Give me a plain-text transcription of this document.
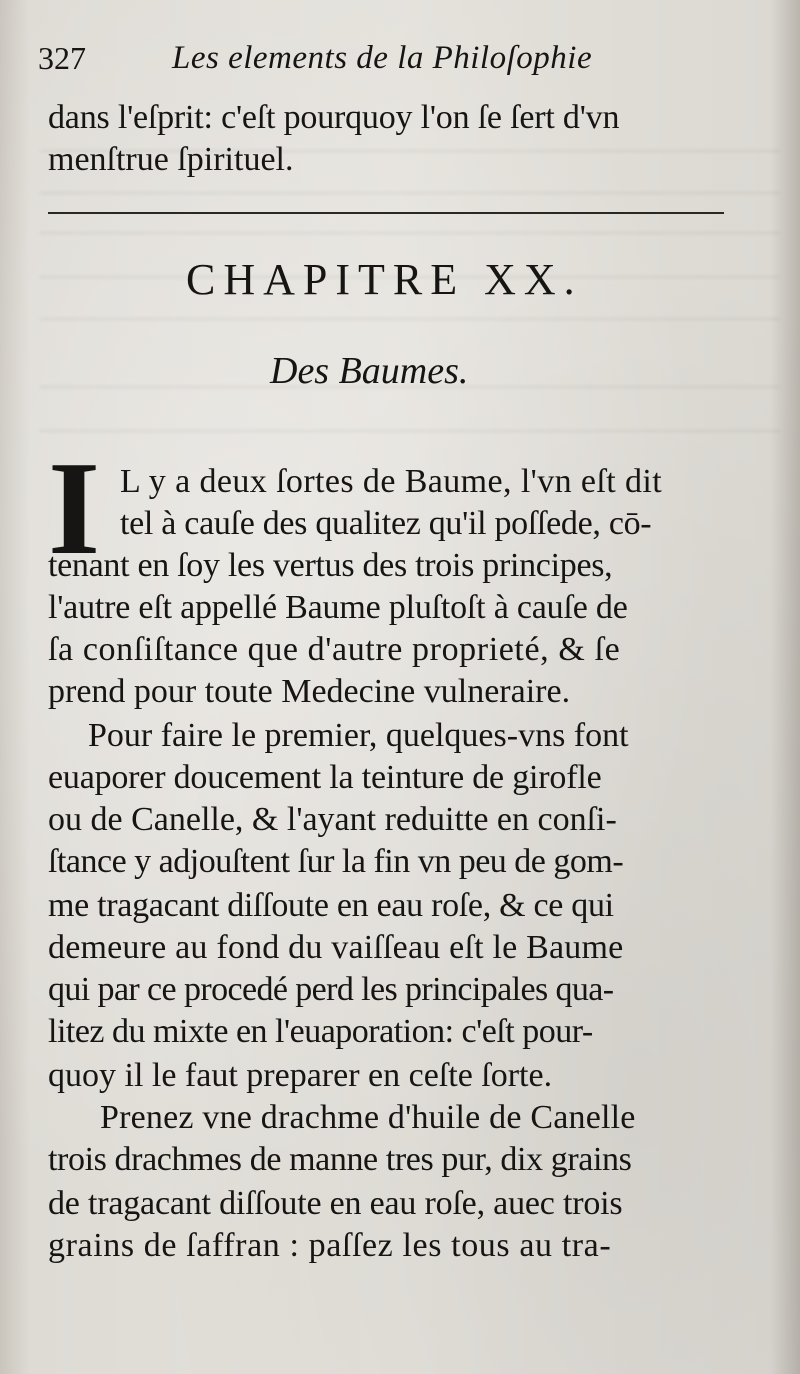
327	Les elements de la Philoſophie
dans l'eſprit: c'eſt pourquoy l'on ſe ſert d'vn
menſtrue ſpirituel.
CHAPITRE XX.
Des Baumes.
I L y a deux ſortes de Baume, l'vn eſt dit
tel à cauſe des qualitez qu'il poſſede, cō-
tenant en ſoy les vertus des trois principes,
l'autre eſt appellé Baume pluſtoſt à cauſe de
ſa conſiſtance que d'autre proprieté, & ſe
prend pour toute Medecine vulneraire.
Pour faire le premier, quelques-vns font
euaporer doucement la teinture de girofle
ou de Canelle, & l'ayant reduitte en conſi-
ſtance y adjouſtent ſur la fin vn peu de gom-
me tragacant diſſoute en eau roſe, & ce qui
demeure au fond du vaiſſeau eſt le Baume
qui par ce procedé perd les principales qua-
litez du mixte en l'euaporation: c'eſt pour-
quoy il le faut preparer en ceſte ſorte.
Prenez vne drachme d'huile de Canelle
trois drachmes de manne tres pur, dix grains
de tragacant diſſoute en eau roſe, auec trois
grains de ſaffran : paſſez les tous au tra-
